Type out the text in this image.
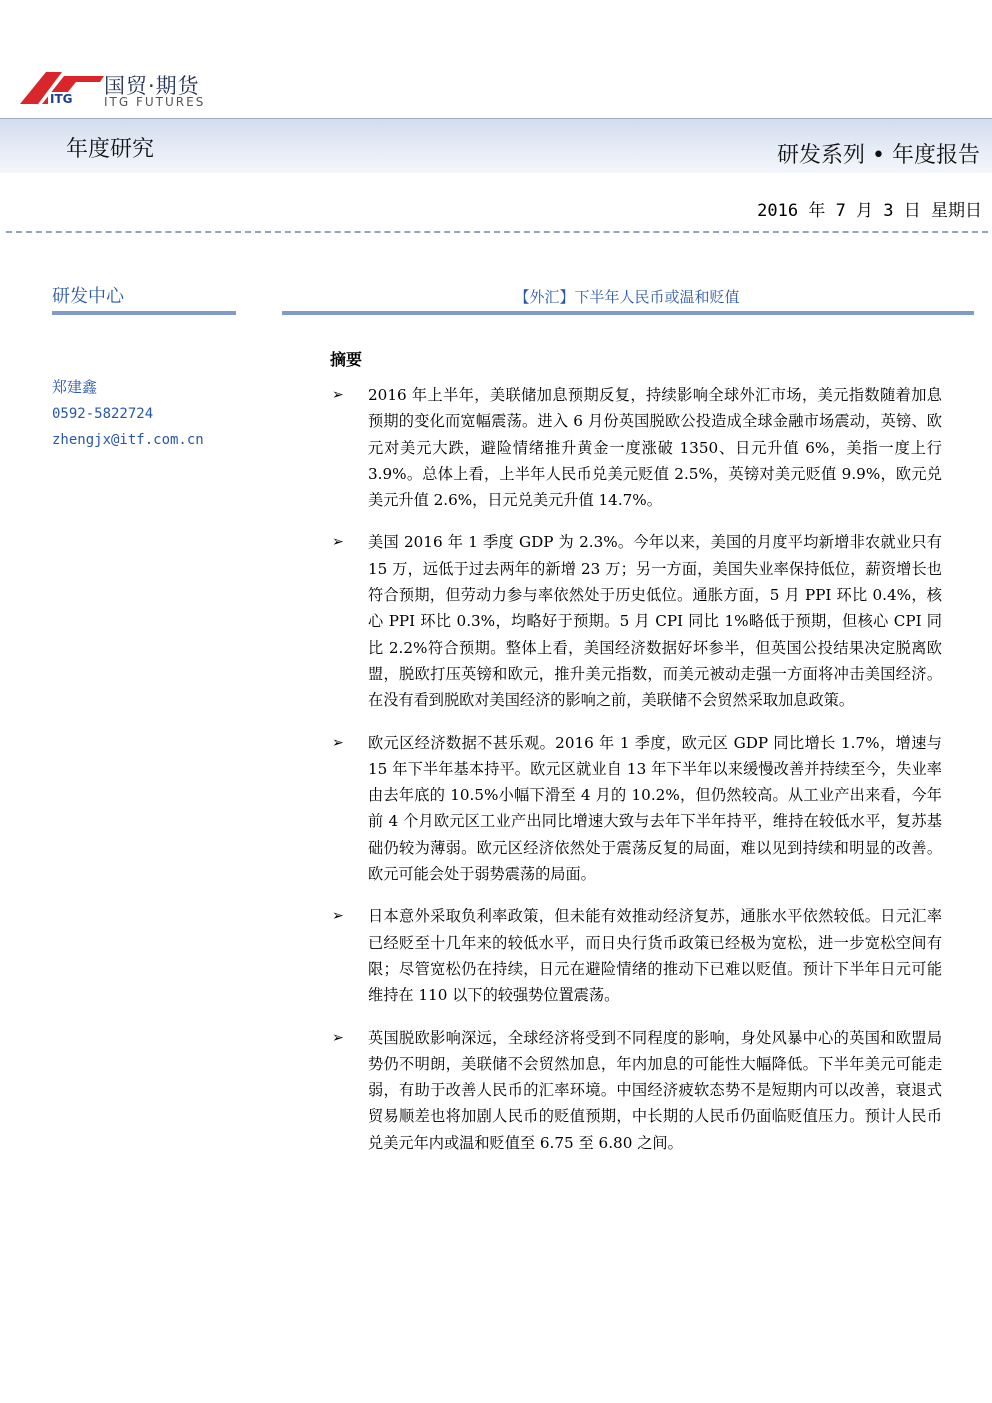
ITG
国贸·期货
ITG FUTURES
年度研究	研发系列 • 年度报告
2016 年 7 月 3 日 星期日
研发中心	【外汇】下半年人民币或温和贬值
郑建鑫
0592-5822724
zhengjx@itf.com.cn
摘要
➢ 2016 年上半年，美联储加息预期反复，持续影响全球外汇市场，美元指数随着加息预期的变化而宽幅震荡。进入 6 月份英国脱欧公投造成全球金融市场震动，英镑、欧元对美元大跌，避险情绪推升黄金一度涨破 1350、日元升值 6%，美指一度上行 3.9%。总体上看，上半年人民币兑美元贬值 2.5%，英镑对美元贬值 9.9%，欧元兑美元升值 2.6%，日元兑美元升值 14.7%。
➢ 美国 2016 年 1 季度 GDP 为 2.3%。今年以来，美国的月度平均新增非农就业只有 15 万，远低于过去两年的新增 23 万；另一方面，美国失业率保持低位，薪资增长也符合预期，但劳动力参与率依然处于历史低位。通胀方面，5 月 PPI 环比 0.4%，核心 PPI 环比 0.3%，均略好于预期。5 月 CPI 同比 1%略低于预期，但核心 CPI 同比 2.2%符合预期。整体上看，美国经济数据好坏参半，但英国公投结果决定脱离欧盟，脱欧打压英镑和欧元，推升美元指数，而美元被动走强一方面将冲击美国经济。在没有看到脱欧对美国经济的影响之前，美联储不会贸然采取加息政策。
➢ 欧元区经济数据不甚乐观。2016 年 1 季度，欧元区 GDP 同比增长 1.7%，增速与 15 年下半年基本持平。欧元区就业自 13 年下半年以来缓慢改善并持续至今，失业率由去年底的 10.5%小幅下滑至 4 月的 10.2%，但仍然较高。从工业产出来看，今年前 4 个月欧元区工业产出同比增速大致与去年下半年持平，维持在较低水平，复苏基础仍较为薄弱。欧元区经济依然处于震荡反复的局面，难以见到持续和明显的改善。欧元可能会处于弱势震荡的局面。
➢ 日本意外采取负利率政策，但未能有效推动经济复苏，通胀水平依然较低。日元汇率已经贬至十几年来的较低水平，而日央行货币政策已经极为宽松，进一步宽松空间有限；尽管宽松仍在持续，日元在避险情绪的推动下已难以贬值。预计下半年日元可能维持在 110 以下的较强势位置震荡。
➢ 英国脱欧影响深远，全球经济将受到不同程度的影响，身处风暴中心的英国和欧盟局势仍不明朗，美联储不会贸然加息，年内加息的可能性大幅降低。下半年美元可能走弱，有助于改善人民币的汇率环境。中国经济疲软态势不是短期内可以改善，衰退式贸易顺差也将加剧人民币的贬值预期，中长期的人民币仍面临贬值压力。预计人民币兑美元年内或温和贬值至 6.75 至 6.80 之间。
